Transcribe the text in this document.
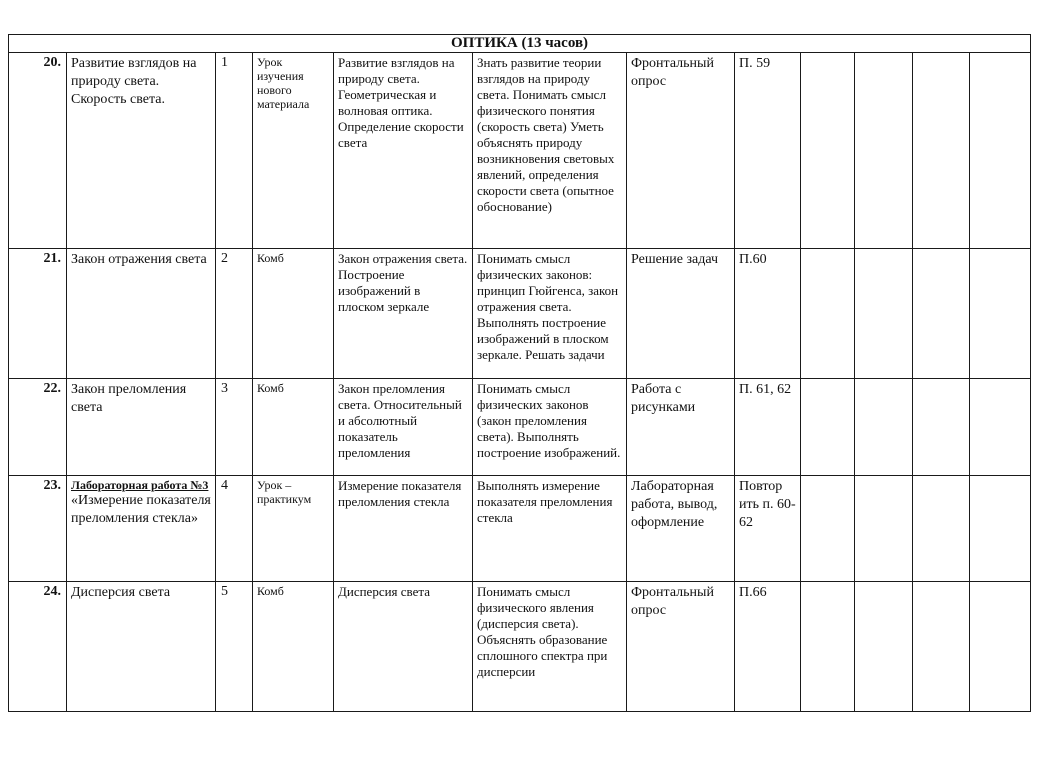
ОПТИКА (13 часов)											
20.	Развитие взглядов на природу света. Скорость света.	1	Урок изучения нового материала	Развитие взглядов на природу света. Геометрическая и волновая оптика. Определение скорости света	Знать развитие теории взглядов на природу света. Понимать смысл физического понятия (скорость света) Уметь объяснять природу возникновения световых явлений, определения скорости света (опытное обоснование)	Фронтальный опрос	П. 59				
21.	Закон отражения света	2	Комб	Закон отражения света. Построение изображений в плоском зеркале	Понимать смысл физических законов: принцип Гюйгенса, закон отражения света. Выполнять построение изображений в плоском зеркале. Решать задачи	Решение задач	П.60				
22.	Закон преломления света	3	Комб	Закон преломления света. Относительный и абсолютный показатель преломления	Понимать смысл физических законов (закон преломления света). Выполнять построение изображений.	Работа с рисунками	П. 61, 62				
23.	Лабораторная работа №3
«Измерение показателя преломления стекла»	4	Урок – практикум	Измерение показателя преломления стекла	Выполнять измерение показателя преломления стекла	Лабораторная работа, вывод, оформление	Повтор ить п. 60-62				
24.	Дисперсия света	5	Комб	Дисперсия света	Понимать смысл физического явления (дисперсия света). Объяснять образование сплошного спектра при дисперсии	Фронтальный опрос	П.66				
